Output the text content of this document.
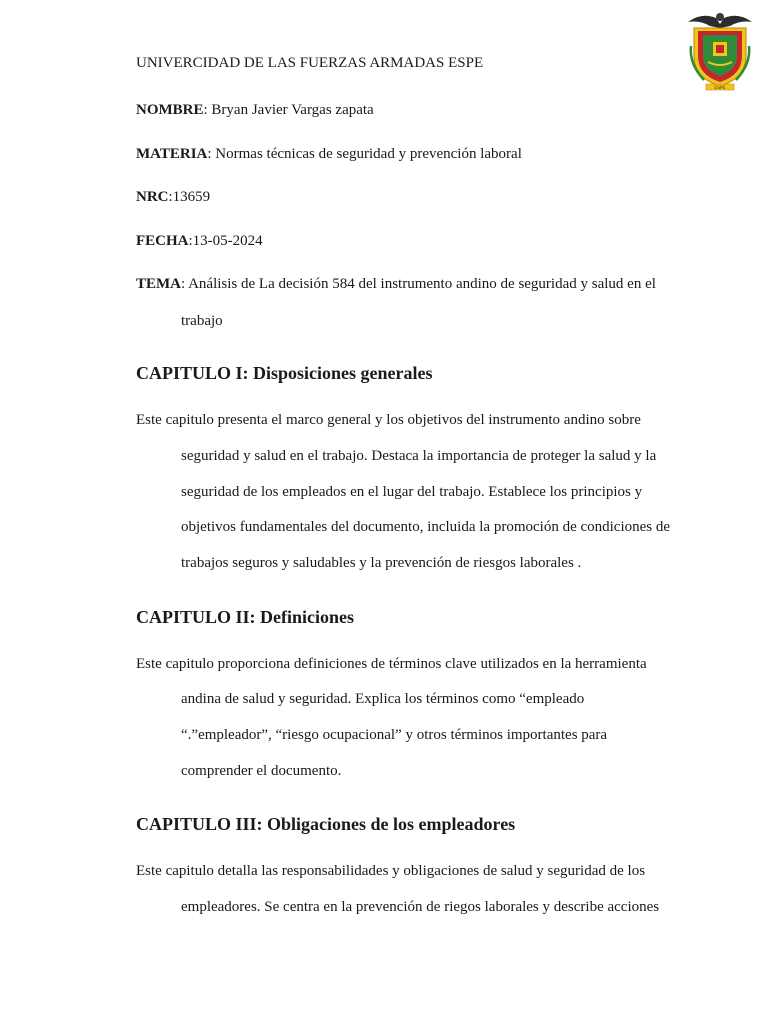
ESPE
UNIVERCIDAD DE LAS FUERZAS ARMADAS ESPE
NOMBRE: Bryan Javier Vargas zapata
MATERIA: Normas técnicas de seguridad y prevención laboral
NRC:13659
FECHA:13-05-2024
TEMA: Análisis de La decisión 584 del instrumento andino de seguridad y salud en el
trabajo
CAPITULO I: Disposiciones generales
Este capitulo presenta el marco general y los objetivos del instrumento andino sobre
seguridad y salud en el trabajo. Destaca la importancia de proteger la salud y la
seguridad de los empleados en el lugar del trabajo. Establece los principios y
objetivos fundamentales del documento, incluida la promoción de condiciones de
trabajos seguros y saludables y la prevención de riesgos laborales .
CAPITULO II: Definiciones
Este capitulo proporciona definiciones de términos clave utilizados en la herramienta
andina de salud y seguridad. Explica los términos como “empleado
“.”empleador”, “riesgo ocupacional” y otros términos importantes para
comprender el documento.
CAPITULO III: Obligaciones de los empleadores
Este capitulo detalla las responsabilidades y obligaciones de salud y seguridad de los
empleadores. Se centra en la prevención de riegos laborales y describe acciones
